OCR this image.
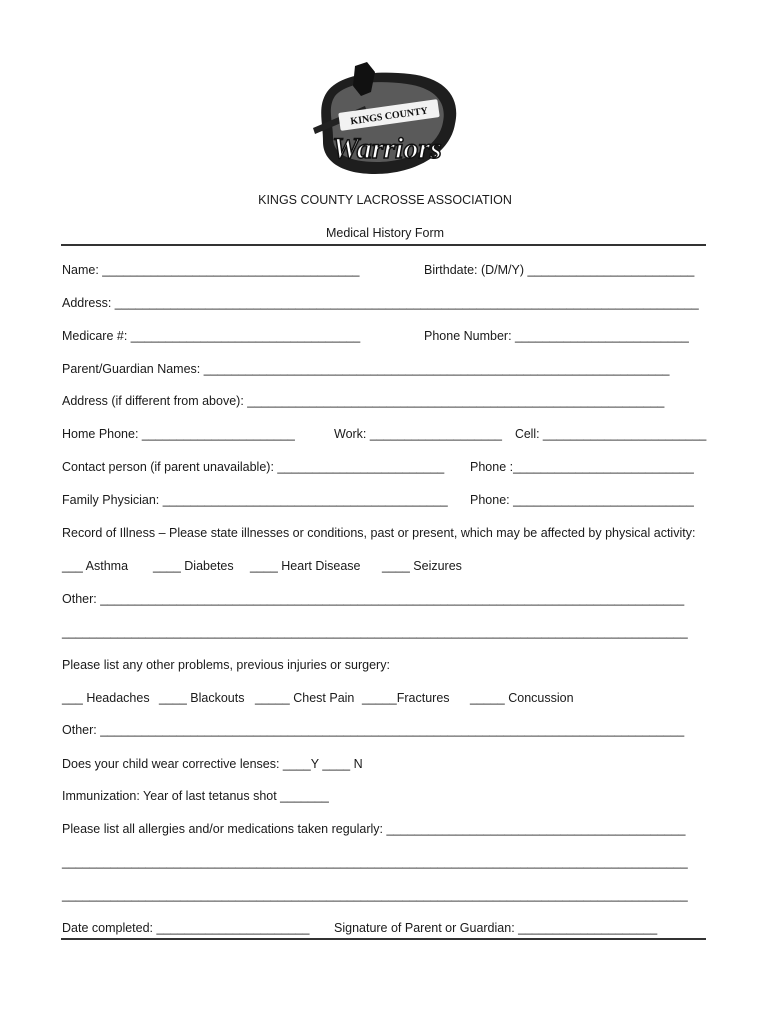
KINGS COUNTY
Warriors
KINGS COUNTY LACROSSE ASSOCIATION
Medical History Form
Name: _____________________________________	Birthdate: (D/M/Y) ________________________
Address: ____________________________________________________________________________________
Medicare #: _________________________________	Phone Number: _________________________
Parent/Guardian Names: ___________________________________________________________________
Address (if different from above): ____________________________________________________________
Home Phone: ______________________	Work: ___________________ Cell: ________________________
Contact person (if parent unavailable): ________________________ Phone :__________________________
Family Physician: _________________________________________ Phone: __________________________
Record of Illness – Please state illnesses or conditions, past or present, which may be affected by physical activity:
___ Asthma ____ Diabetes ____ Heart Disease ____ Seizures
Other: ____________________________________________________________________________________
__________________________________________________________________________________________
Please list any other problems, previous injuries or surgery:
___ Headaches ____ Blackouts _____ Chest Pain _____Fractures _____ Concussion
Other: ____________________________________________________________________________________
Does your child wear corrective lenses: ____Y ____ N
Immunization: Year of last tetanus shot _______
Please list all allergies and/or medications taken regularly: ___________________________________________
__________________________________________________________________________________________
__________________________________________________________________________________________
Date completed: ______________________ Signature of Parent or Guardian: ____________________
